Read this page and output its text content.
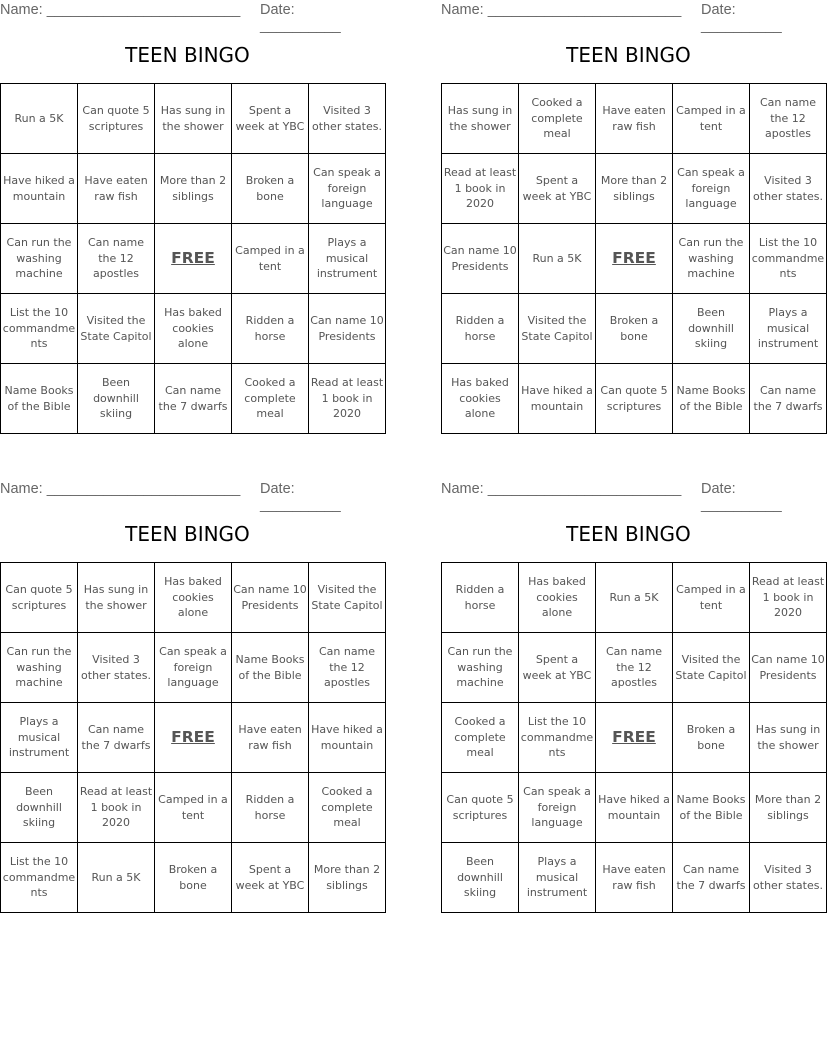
Name: ________________________ Date: __________
TEEN BINGO
Run a 5K	Can quote 5 scriptures	Has sung in the shower	Spent a week at YBC	Visited 3 other states.
Have hiked a mountain	Have eaten raw fish	More than 2 siblings	Broken a bone	Can speak a foreign language
Can run the washing machine	Can name the 12 apostles	FREE	Camped in a tent	Plays a musical instrument
List the 10 commandments	Visited the State Capitol	Has baked cookies alone	Ridden a horse	Can name 10 Presidents
Name Books of the Bible	Been downhill skiing	Can name the 7 dwarfs	Cooked a complete meal	Read at least 1 book in 2020
Name: ________________________ Date: __________
TEEN BINGO
Has sung in the shower	Cooked a complete meal	Have eaten raw fish	Camped in a tent	Can name the 12 apostles
Read at least 1 book in 2020	Spent a week at YBC	More than 2 siblings	Can speak a foreign language	Visited 3 other states.
Can name 10 Presidents	Run a 5K	FREE	Can run the washing machine	List the 10 commandments
Ridden a horse	Visited the State Capitol	Broken a bone	Been downhill skiing	Plays a musical instrument
Has baked cookies alone	Have hiked a mountain	Can quote 5 scriptures	Name Books of the Bible	Can name the 7 dwarfs
Name: ________________________ Date: __________
TEEN BINGO
Can quote 5 scriptures	Has sung in the shower	Has baked cookies alone	Can name 10 Presidents	Visited the State Capitol
Can run the washing machine	Visited 3 other states.	Can speak a foreign language	Name Books of the Bible	Can name the 12 apostles
Plays a musical instrument	Can name the 7 dwarfs	FREE	Have eaten raw fish	Have hiked a mountain
Been downhill skiing	Read at least 1 book in 2020	Camped in a tent	Ridden a horse	Cooked a complete meal
List the 10 commandments	Run a 5K	Broken a bone	Spent a week at YBC	More than 2 siblings
Name: ________________________ Date: __________
TEEN BINGO
Ridden a horse	Has baked cookies alone	Run a 5K	Camped in a tent	Read at least 1 book in 2020
Can run the washing machine	Spent a week at YBC	Can name the 12 apostles	Visited the State Capitol	Can name 10 Presidents
Cooked a complete meal	List the 10 commandments	FREE	Broken a bone	Has sung in the shower
Can quote 5 scriptures	Can speak a foreign language	Have hiked a mountain	Name Books of the Bible	More than 2 siblings
Been downhill skiing	Plays a musical instrument	Have eaten raw fish	Can name the 7 dwarfs	Visited 3 other states.
